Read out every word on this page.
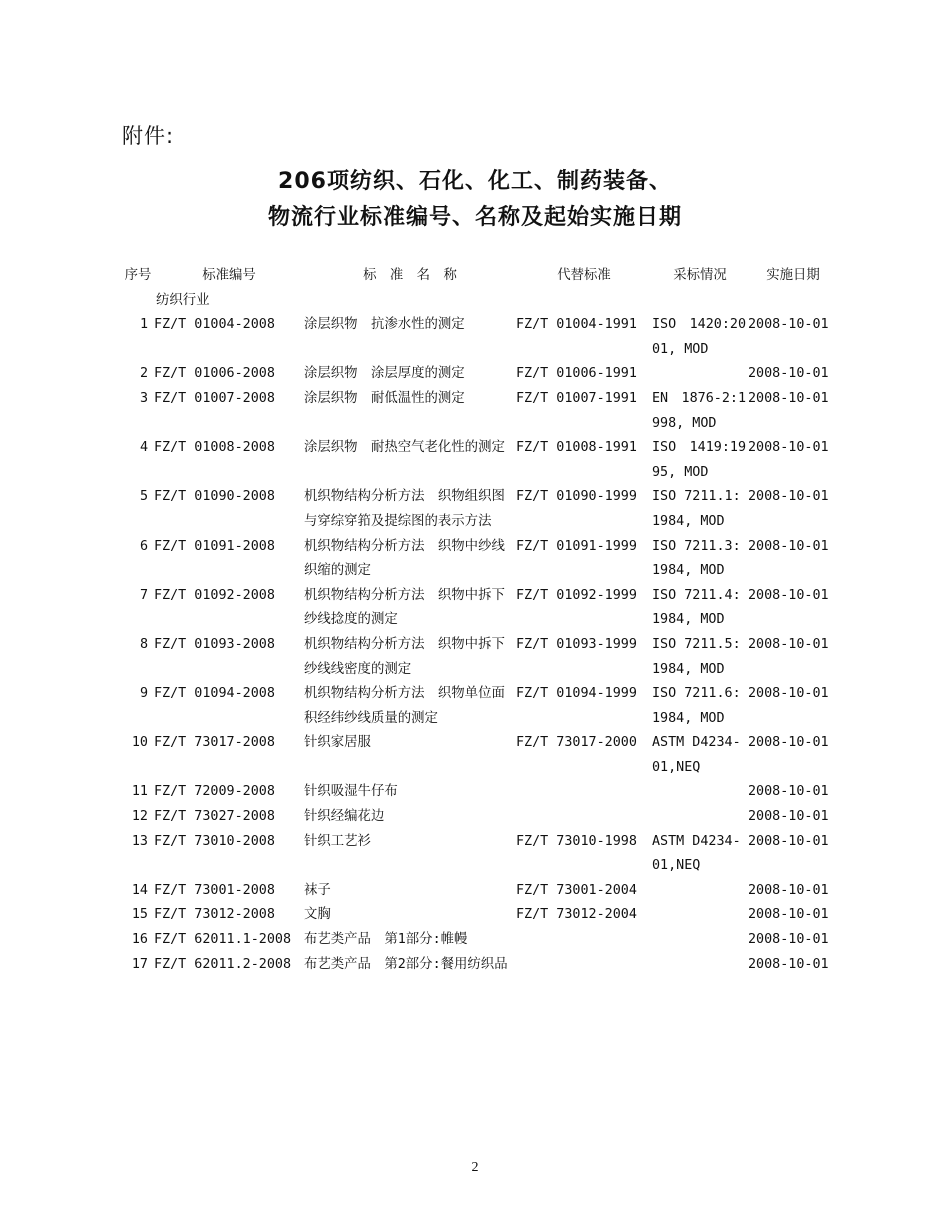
附件:
206项纺织、石化、化工、制药装备、
物流行业标准编号、名称及起始实施日期
序号	标准编号	标　准　名　称	代替标准	采标情况	实施日期
纺织行业					
1	FZ/T 01004-2008	涂层织物　抗渗水性的测定	FZ/T 01004-1991	ISO　1420:2001, MOD	2008-10-01
2	FZ/T 01006-2008	涂层织物　涂层厚度的测定	FZ/T 01006-1991		2008-10-01
3	FZ/T 01007-2008	涂层织物　耐低温性的测定	FZ/T 01007-1991	EN　1876-2:1998, MOD	2008-10-01
4	FZ/T 01008-2008	涂层织物　耐热空气老化性的测定	FZ/T 01008-1991	ISO　1419:1995, MOD	2008-10-01
5	FZ/T 01090-2008	机织物结构分析方法　织物组织图与穿综穿筘及提综图的表示方法	FZ/T 01090-1999	ISO 7211.1:1984, MOD	2008-10-01
6	FZ/T 01091-2008	机织物结构分析方法　织物中纱线织缩的测定	FZ/T 01091-1999	ISO 7211.3:1984, MOD	2008-10-01
7	FZ/T 01092-2008	机织物结构分析方法　织物中拆下纱线捻度的测定	FZ/T 01092-1999	ISO 7211.4:1984, MOD	2008-10-01
8	FZ/T 01093-2008	机织物结构分析方法　织物中拆下纱线线密度的测定	FZ/T 01093-1999	ISO 7211.5:1984, MOD	2008-10-01
9	FZ/T 01094-2008	机织物结构分析方法　织物单位面积经纬纱线质量的测定	FZ/T 01094-1999	ISO 7211.6:1984, MOD	2008-10-01
10	FZ/T 73017-2008	针织家居服	FZ/T 73017-2000	ASTM D4234-01,NEQ	2008-10-01
11	FZ/T 72009-2008	针织吸湿牛仔布			2008-10-01
12	FZ/T 73027-2008	针织经编花边			2008-10-01
13	FZ/T 73010-2008	针织工艺衫	FZ/T 73010-1998	ASTM D4234-01,NEQ	2008-10-01
14	FZ/T 73001-2008	袜子	FZ/T 73001-2004		2008-10-01
15	FZ/T 73012-2008	文胸	FZ/T 73012-2004		2008-10-01
16	FZ/T 62011.1-2008	布艺类产品　第1部分:帷幔			2008-10-01
17	FZ/T 62011.2-2008	布艺类产品　第2部分:餐用纺织品			2008-10-01
2
